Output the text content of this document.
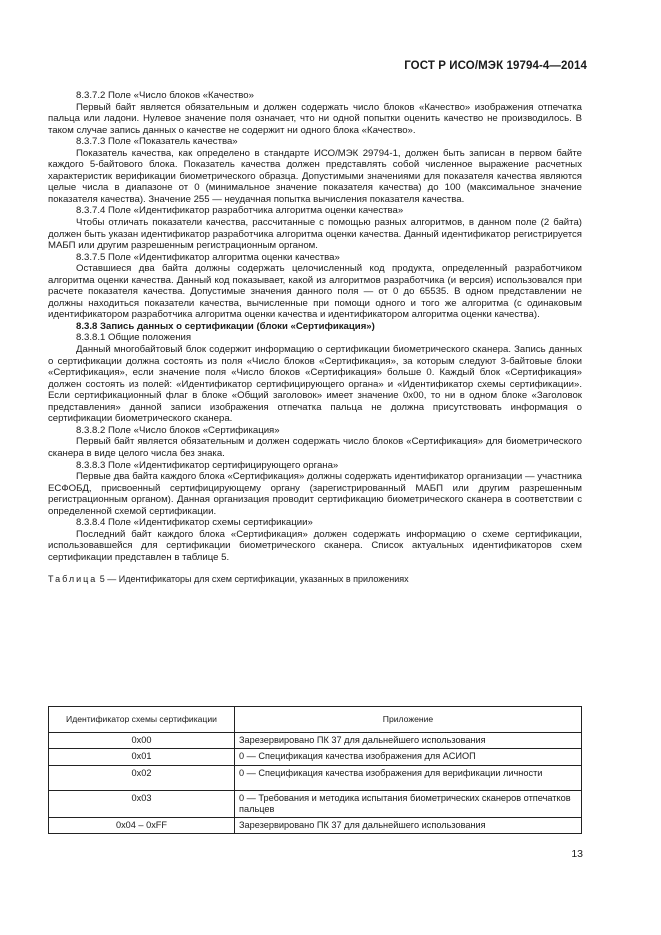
ГОСТ Р ИСО/МЭК 19794-4—2014

8.3.7.2 Поле «Число блоков «Качество»

Первый байт является обязательным и должен содержать число блоков «Качество» изображения отпечатка пальца или ладони. Нулевое значение поля означает, что ни одной попытки оценить качество не производилось. В таком случае запись данных о качестве не содержит ни одного блока «Качество».

8.3.7.3 Поле «Показатель качества»

Показатель качества, как определено в стандарте ИСО/МЭК 29794-1, должен быть записан в первом байте каждого 5-байтового блока. Показатель качества должен представлять собой численное выражение расчетных характеристик верификации биометрического образца. Допустимыми значениями для показателя качества являются целые числа в диапазоне от 0 (минимальное значение показателя качества) до 100 (максимальное значение показателя качества). Значение 255 — неудачная попытка вычисления показателя качества.

8.3.7.4 Поле «Идентификатор разработчика алгоритма оценки качества»

Чтобы отличать показатели качества, рассчитанные с помощью разных алгоритмов, в данном поле (2 байта) должен быть указан идентификатор разработчика алгоритма оценки качества. Данный идентификатор регистрируется МАБП или другим разрешенным регистрационным органом.

8.3.7.5 Поле «Идентификатор алгоритма оценки качества»

Оставшиеся два байта должны содержать целочисленный код продукта, определенный разработчиком алгоритма оценки качества. Данный код показывает, какой из алгоритмов разработчика (и версия) использовался при расчете показателя качества. Допустимые значения данного поля — от 0 до 65535. В одном представлении не должны находиться показатели качества, вычисленные при помощи одного и того же алгоритма (с одинаковым идентификатором разработчика алгоритма оценки качества и идентификатором алгоритма оценки качества).

8.3.8 Запись данных о сертификации (блоки «Сертификация»)

8.3.8.1 Общие положения

Данный многобайтовый блок содержит информацию о сертификации биометрического сканера. Запись данных о сертификации должна состоять из поля «Число блоков «Сертификация», за которым следуют 3-байтовые блоки «Сертификация», если значение поля «Число блоков «Сертификация» больше 0. Каждый блок «Сертификация» должен состоять из полей: «Идентификатор сертифицирующего органа» и «Идентификатор схемы сертификации». Если сертификационный флаг в блоке «Общий заголовок» имеет значение 0x00, то ни в одном блоке «Заголовок представления» данной записи изображения отпечатка пальца не должна присутствовать информация о сертификации биометрического сканера.

8.3.8.2 Поле «Число блоков «Сертификация»

Первый байт является обязательным и должен содержать число блоков «Сертификация» для биометрического сканера в виде целого числа без знака.

8.3.8.3 Поле «Идентификатор сертифицирующего органа»

Первые два байта каждого блока «Сертификация» должны содержать идентификатор организации — участника ЕСФОБД, присвоенный сертифицирующему органу (зарегистрированный МАБП или другим разрешенным регистрационным органом). Данная организация проводит сертификацию биометрического сканера в соответствии с определенной схемой сертификации.

8.3.8.4 Поле «Идентификатор схемы сертификации»

Последний байт каждого блока «Сертификация» должен содержать информацию о схеме сертификации, использовавшейся для сертификации биометрического сканера. Список актуальных идентификаторов схем сертификации представлен в таблице 5.

Таблица 5 — Идентификаторы для схем сертификации, указанных в приложениях

Идентификатор схемы сертификации	Приложение
0x00	Зарезервировано ПК 37 для дальнейшего использования
0x01	0 — Спецификация качества изображения для АСИОП
0x02	0 — Спецификация качества изображения для верификации личности
0x03	0 — Требования и методика испытания биометрических сканеров отпечатков пальцев
0x04 – 0xFF	Зарезервировано ПК 37 для дальнейшего использования
13
